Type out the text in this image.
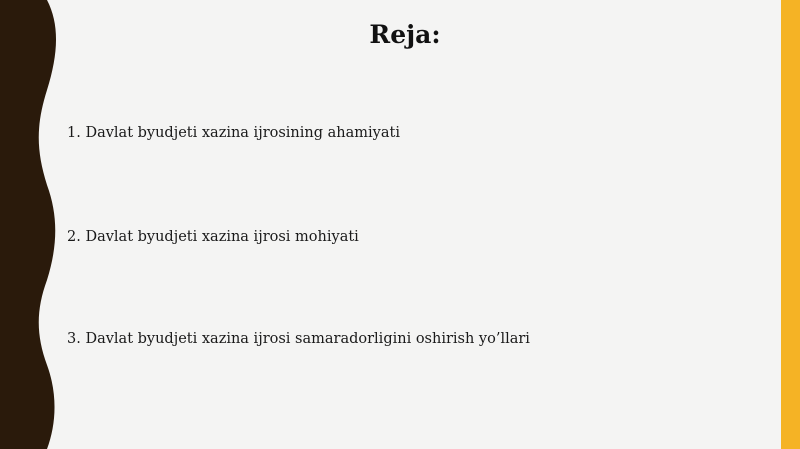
Reja:
1. Davlat byudjeti xazina ijrosining ahamiyati
2. Davlat byudjeti xazina ijrosi mohiyati
3. Davlat byudjeti xazina ijrosi samaradorligini oshirish yo’llari
